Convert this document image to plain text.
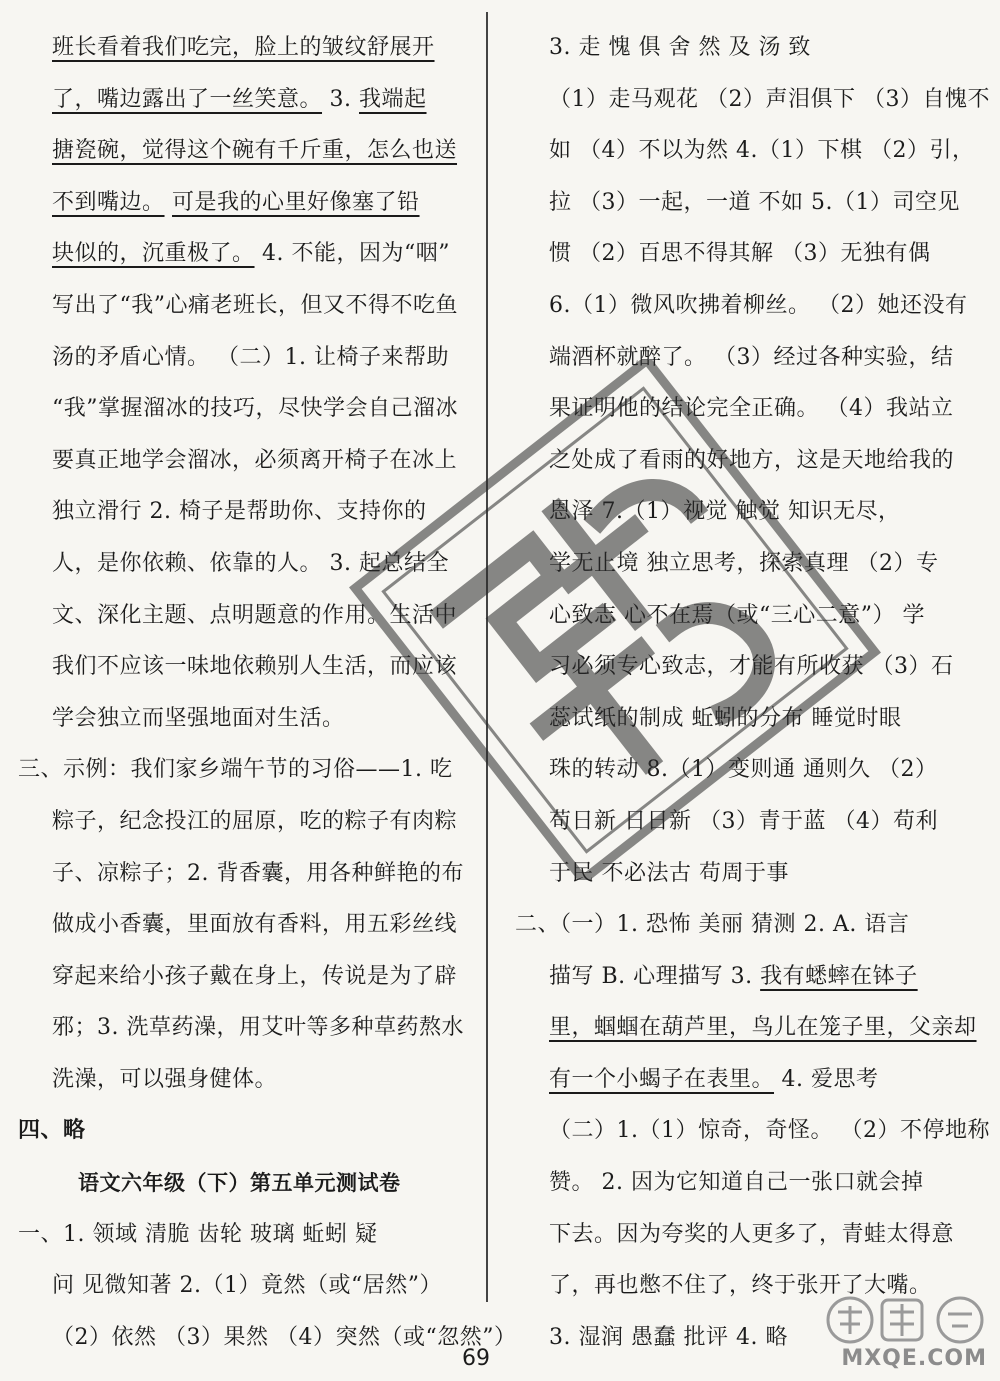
班长看着我们吃完，脸上的皱纹舒展开
了，嘴边露出了一丝笑意。 3. 我端起
搪瓷碗，觉得这个碗有千斤重，怎么也送
不到嘴边。 可是我的心里好像塞了铅
块似的，沉重极了。 4. 不能，因为“咽”
写出了“我”心痛老班长，但又不得不吃鱼
汤的矛盾心情。 （二）1. 让椅子来帮助
“我”掌握溜冰的技巧，尽快学会自己溜冰
要真正地学会溜冰，必须离开椅子在冰上
独立滑行 2. 椅子是帮助你、支持你的
人，是你依赖、依靠的人。 3. 起总结全
文、深化主题、点明题意的作用。生活中
我们不应该一味地依赖别人生活，而应该
学会独立而坚强地面对生活。
三、示例：我们家乡端午节的习俗——1. 吃
粽子，纪念投江的屈原，吃的粽子有肉粽
子、凉粽子；2. 背香囊，用各种鲜艳的布
做成小香囊，里面放有香料，用五彩丝线
穿起来给小孩子戴在身上，传说是为了辟
邪；3. 洗草药澡，用艾叶等多种草药熬水
洗澡，可以强身健体。
四、略
语文六年级（下）第五单元测试卷
一、1. 领域 清脆 齿轮 玻璃 蚯蚓 疑
问 见微知著 2.（1）竟然（或“居然”）
（2）依然 （3）果然 （4）突然（或“忽然”）
3. 走 愧 俱 舍 然 及 汤 致
（1）走马观花 （2）声泪俱下 （3）自愧不
如 （4）不以为然 4.（1）下棋 （2）引，
拉 （3）一起，一道 不如 5.（1）司空见
惯 （2）百思不得其解 （3）无独有偶
6.（1）微风吹拂着柳丝。 （2）她还没有
端酒杯就醉了。 （3）经过各种实验，结
果证明他的结论完全正确。 （4）我站立
之处成了看雨的好地方，这是天地给我的
恩泽 7.（1）视觉 触觉 知识无尽，
学无止境 独立思考，探索真理 （2）专
心致志 心不在焉（或“三心二意”） 学
习必须专心致志，才能有所收获 （3）石
蕊试纸的制成 蚯蚓的分布 睡觉时眼
珠的转动 8.（1）变则通 通则久 （2）
苟日新 日日新 （3）青于蓝 （4）苟利
于民 不必法古 苟周于事
二、（一）1. 恐怖 美丽 猜测 2. A. 语言
描写 B. 心理描写 3. 我有蟋蟀在钵子
里，蝈蝈在葫芦里，鸟儿在笼子里，父亲却
有一个小蝎子在表里。 4. 爱思考
（二）1.（1）惊奇，奇怪。 （2）不停地称
赞。 2. 因为它知道自己一张口就会掉
下去。因为夸奖的人更多了，青蛙太得意
了，再也憋不住了，终于张开了大嘴。
3. 湿润 愚蠢 批评 4. 略
69	MXQE.COM
